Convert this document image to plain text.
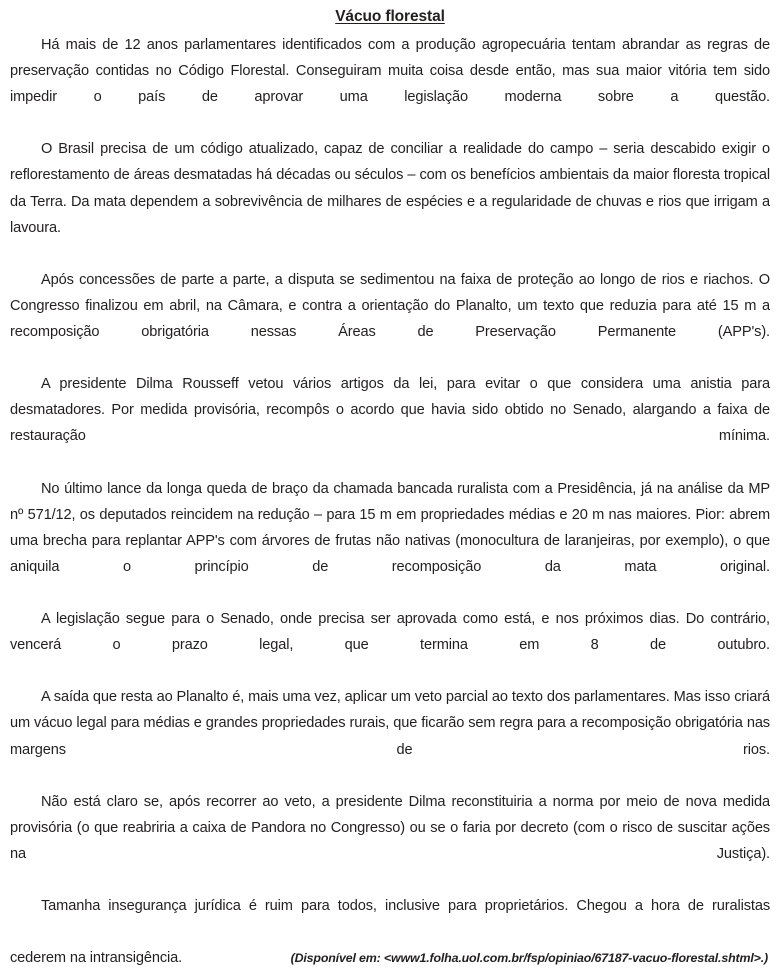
Vácuo florestal

Há mais de 12 anos parlamentares identificados com a produção agropecuária tentam abrandar as regras de preservação contidas no Código Florestal. Conseguiram muita coisa desde então, mas sua maior vitória tem sido impedir o país de aprovar uma legislação moderna sobre a questão.

O Brasil precisa de um código atualizado, capaz de conciliar a realidade do campo – seria descabido exigir o reflorestamento de áreas desmatadas há décadas ou séculos – com os benefícios ambientais da maior floresta tropical da Terra. Da mata dependem a sobrevivência de milhares de espécies e a regularidade de chuvas e rios que irrigam a lavoura.

Após concessões de parte a parte, a disputa se sedimentou na faixa de proteção ao longo de rios e riachos. O Congresso finalizou em abril, na Câmara, e contra a orientação do Planalto, um texto que reduzia para até 15 m a recomposição obrigatória nessas Áreas de Preservação Permanente (APP's).

A presidente Dilma Rousseff vetou vários artigos da lei, para evitar o que considera uma anistia para desmatadores. Por medida provisória, recompôs o acordo que havia sido obtido no Senado, alargando a faixa de restauração mínima.

No último lance da longa queda de braço da chamada bancada ruralista com a Presidência, já na análise da MP nº 571/12, os deputados reincidem na redução – para 15 m em propriedades médias e 20 m nas maiores. Pior: abrem uma brecha para replantar APP's com árvores de frutas não nativas (monocultura de laranjeiras, por exemplo), o que aniquila o princípio de recomposição da mata original.

A legislação segue para o Senado, onde precisa ser aprovada como está, e nos próximos dias. Do contrário, vencerá o prazo legal, que termina em 8 de outubro.

A saída que resta ao Planalto é, mais uma vez, aplicar um veto parcial ao texto dos parlamentares. Mas isso criará um vácuo legal para médias e grandes propriedades rurais, que ficarão sem regra para a recomposição obrigatória nas margens de rios.

Não está claro se, após recorrer ao veto, a presidente Dilma reconstituiria a norma por meio de nova medida provisória (o que reabriria a caixa de Pandora no Congresso) ou se o faria por decreto (com o risco de suscitar ações na Justiça).

Tamanha insegurança jurídica é ruim para todos, inclusive para proprietários. Chegou a hora de ruralistas

cederem na intransigência.	(Disponível em: <www1.folha.uol.com.br/fsp/opiniao/67187-vacuo-florestal.shtml>.)
